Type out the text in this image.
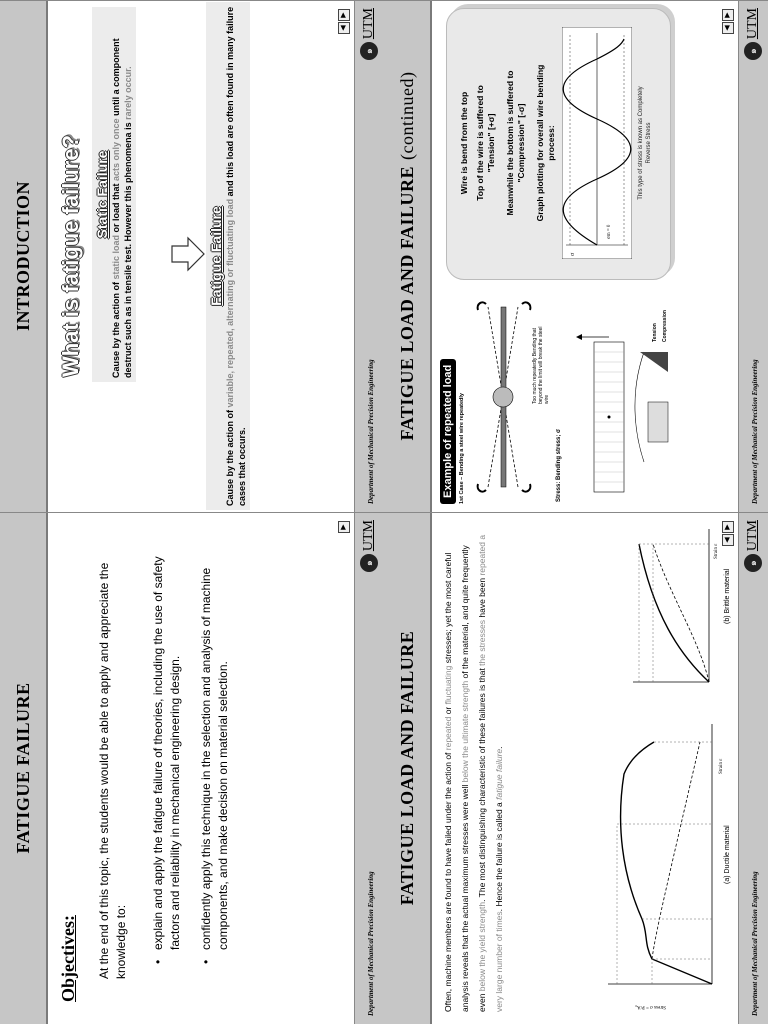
FATIGUE FAILURE
Objectives: At the end of this topic, the students would be able to apply and appreciate the knowledge to: • explain and apply the fatigue failure of theories, including the use of safety factors and reliability in mechanical engineering design. • confidently apply this technique in the selection and analysis of machine components, and make decision on material selection.
▶
Department of Mechanical Precision Engineering
๑
UTM
INTRODUCTION What is fatigue failure? Static Failure
Cause by the action of static load or load that acts only once until a component destruct such as in tensile test. However this phenomena is rarely occur.
Fatigue Failure
Cause by the action of variable, repeated, alternating or fluctuating load and this load are often found in many failure cases that occurs.
◀
▶
Department of Mechanical Precision Engineering
๑
UTM
FATIGUE LOAD AND FAILURE	Often, machine members are found to have failed under the action of repeated or fluctuating stresses; yet the most careful analysis reveals that the actual maximum stresses were well below the ultimate strength of the material, and quite frequently even below the yield strength. The most distinguishing characteristic of these failures is that the stresses have been repeated a very large number of times. Hence the failure is called a fatigue failure.
Stress σ = P/A₀
Strain ε
(a) Ductile material
Strain ε
(b) Brittle material
◀
▶
Department of Mechanical Precision Engineering
๑
UTM
FATIGUE LOAD AND FAILURE
(continued)
Example of repeated load 1st Case – Bending a steel wire repeatedly
Too much repeatedly Bending that beyond the limit will break the steel wire
Stress: Bending stress; σ
Tension Compression
Wire is bend from the top Top of the wire is suffered to "Tension" [+σ] Meanwhile the bottom is suffered to "Compression" [-σ] Graph plotting for overall wire bending process:
σ
σm = 0
This type of stress is known as Completely Reverse Stress
◀
▶
Department of Mechanical Precision Engineering
๑
UTM
